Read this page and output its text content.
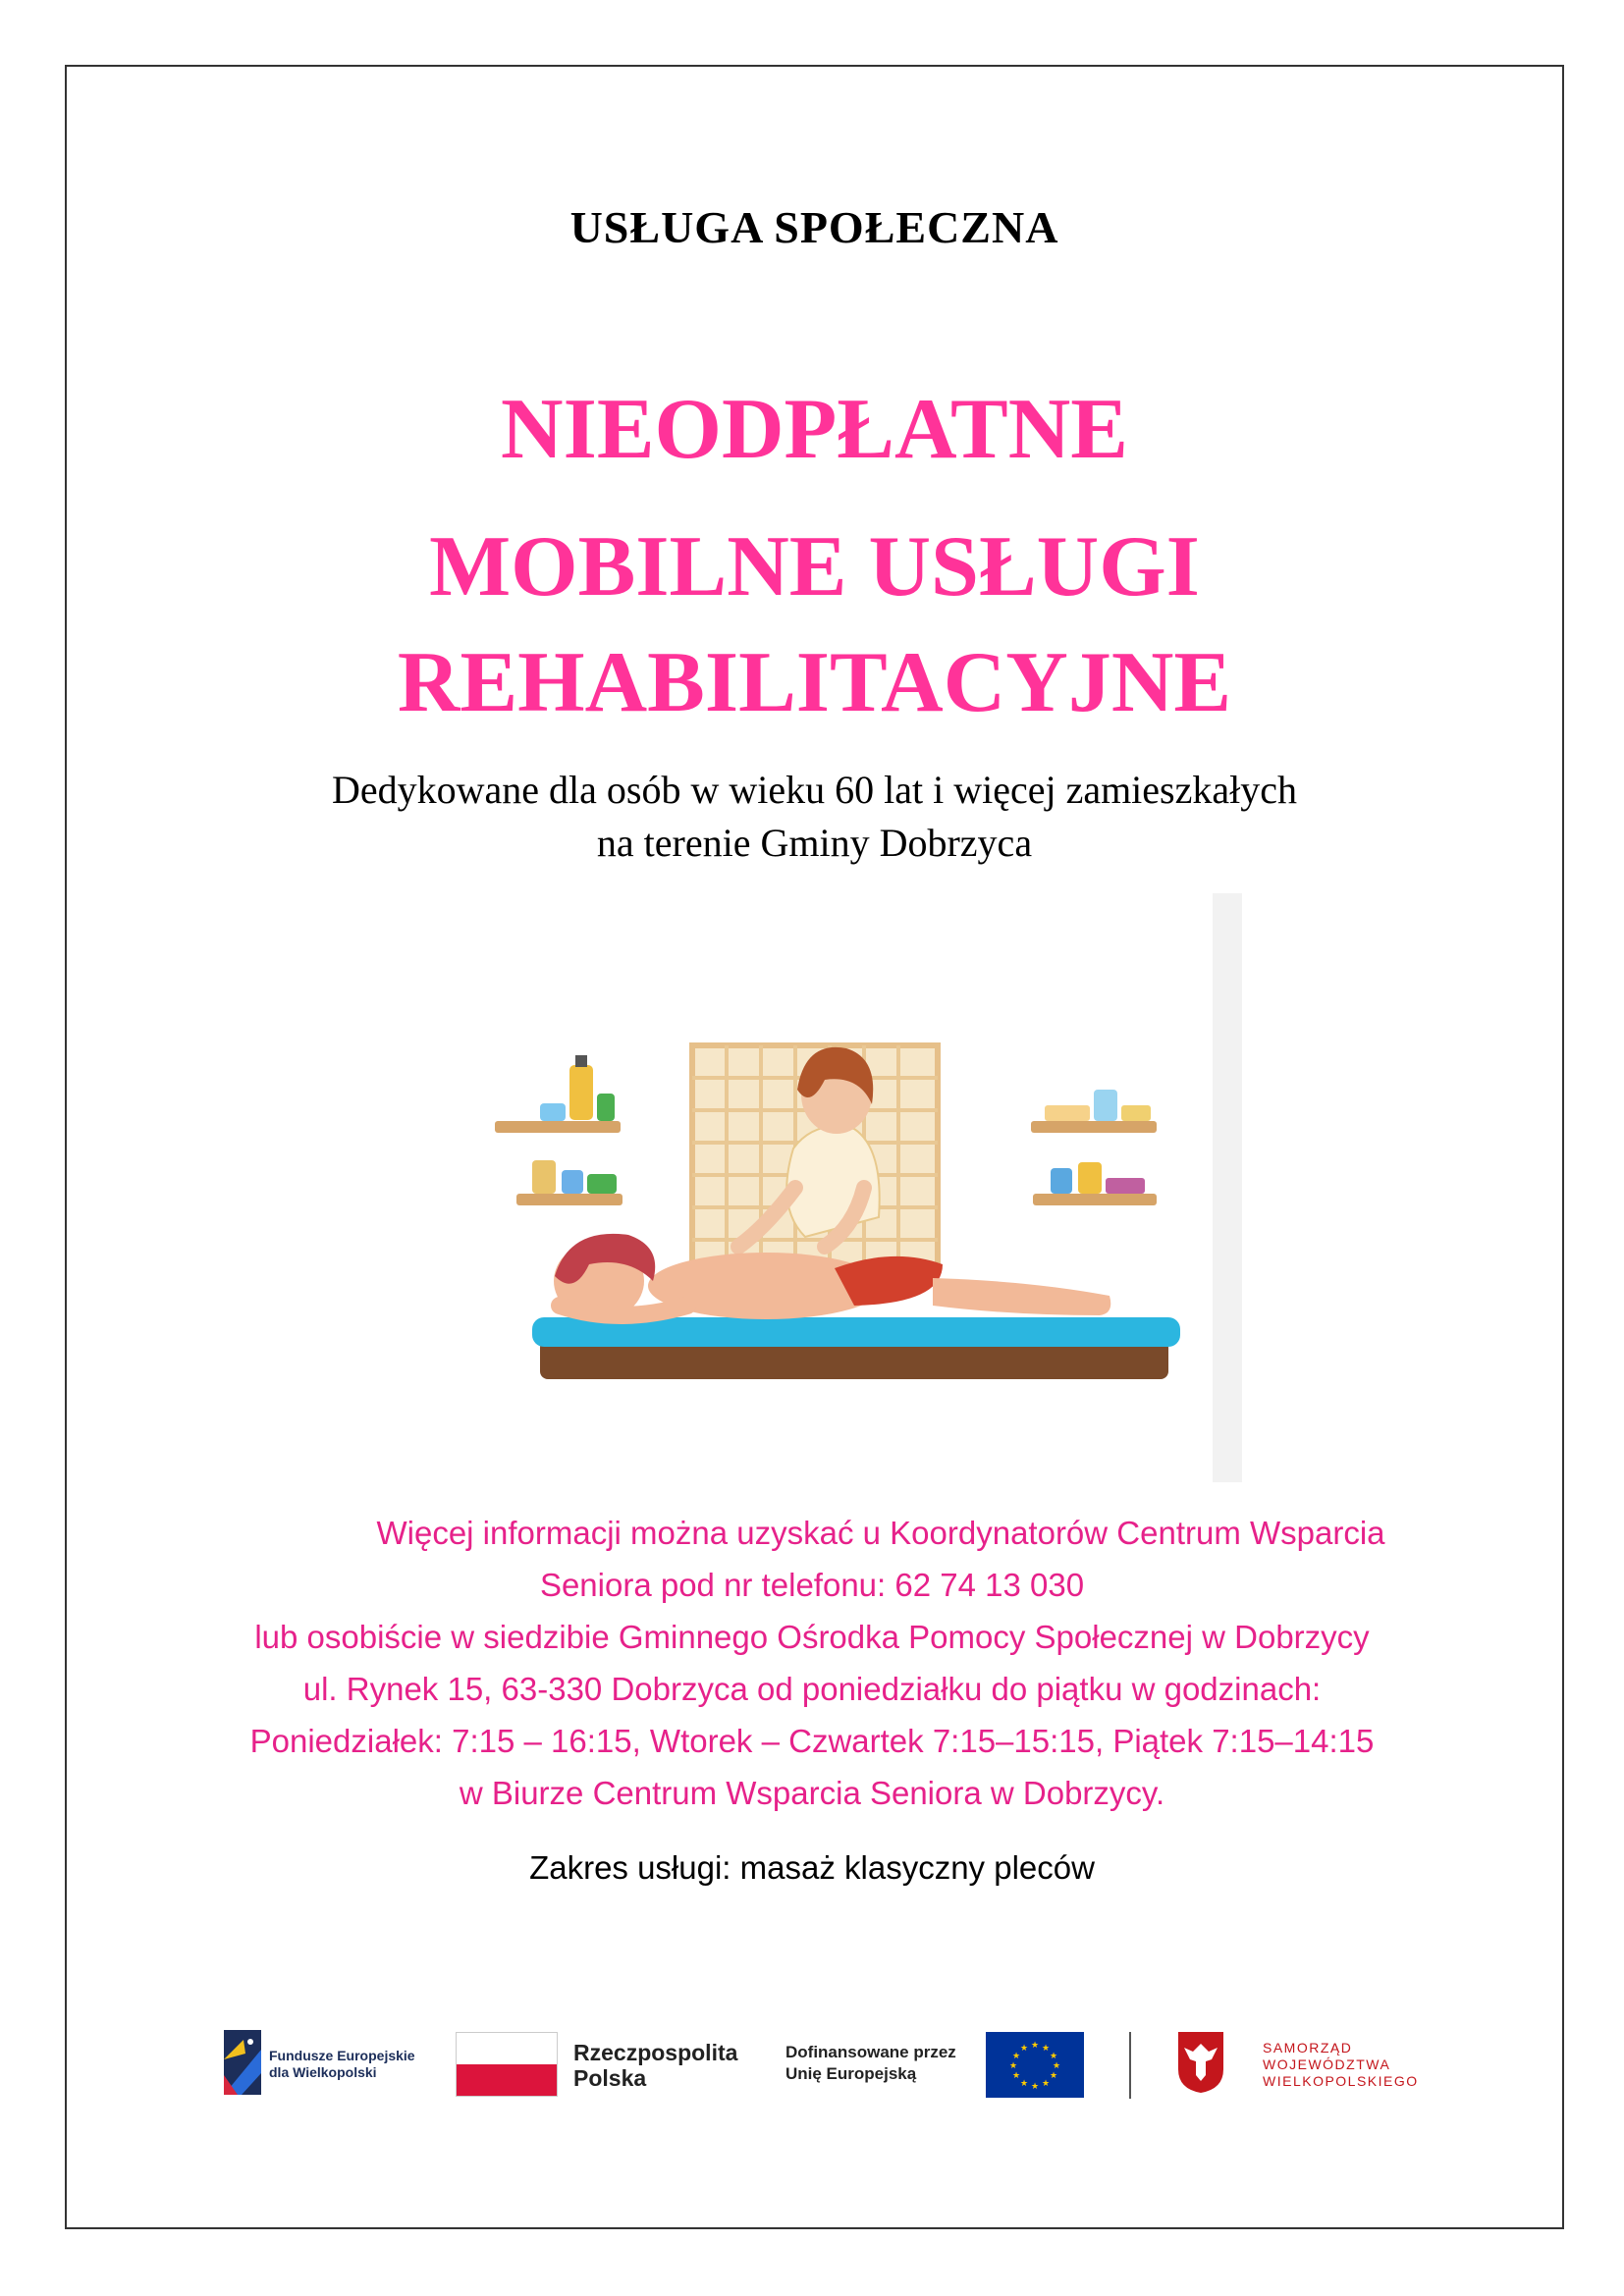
USŁUGA SPOŁECZNA
NIEODPŁATNE
MOBILNE USŁUGI
REHABILITACYJNE
Dedykowane dla osób w wieku 60 lat i więcej zamieszkałych
na terenie Gminy Dobrzyca
Więcej informacji można uzyskać u Koordynatorów Centrum Wsparcia
Seniora pod nr telefonu: 62 74 13 030
lub osobiście w siedzibie Gminnego Ośrodka Pomocy Społecznej w Dobrzycy
ul. Rynek 15, 63-330 Dobrzyca od poniedziałku do piątku w godzinach:
Poniedziałek: 7:15 – 16:15, Wtorek – Czwartek 7:15–15:15, Piątek 7:15–14:15
w Biurze Centrum Wsparcia Seniora w Dobrzycy.
Zakres usługi: masaż klasyczny pleców
Fundusze Europejskie
dla Wielkopolski
Rzeczpospolita
Polska
Dofinansowane przez
Unię Europejską
★ ★
★
★
★
★
★
★
★
★
★
★	SAMORZĄD
WOJEWÓDZTWA
WIELKOPOLSKIEGO
